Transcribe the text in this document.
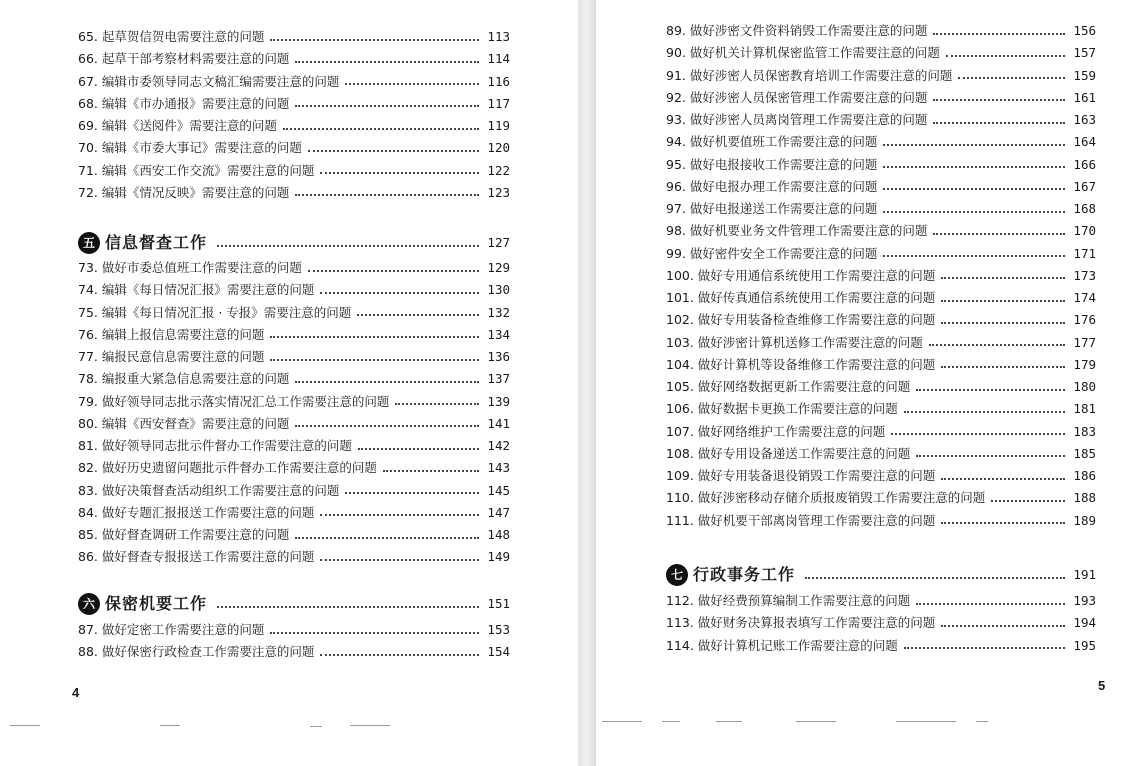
65. 起草贺信贺电需要注意的问题	113
66. 起草干部考察材料需要注意的问题	114
67. 编辑市委领导同志文稿汇编需要注意的问题	116
68. 编辑《市办通报》需要注意的问题	117
69. 编辑《送阅件》需要注意的问题	119
70. 编辑《市委大事记》需要注意的问题	120
71. 编辑《西安工作交流》需要注意的问题	122
72. 编辑《情况反映》需要注意的问题	123
五 信息督查工作	127
73. 做好市委总值班工作需要注意的问题	129
74. 编辑《每日情况汇报》需要注意的问题	130
75. 编辑《每日情况汇报 · 专报》需要注意的问题	132
76. 编辑上报信息需要注意的问题	134
77. 编报民意信息需要注意的问题	136
78. 编报重大紧急信息需要注意的问题	137
79. 做好领导同志批示落实情况汇总工作需要注意的问题	139
80. 编辑《西安督查》需要注意的问题	141
81. 做好领导同志批示件督办工作需要注意的问题	142
82. 做好历史遗留问题批示件督办工作需要注意的问题	143
83. 做好决策督查活动组织工作需要注意的问题	145
84. 做好专题汇报报送工作需要注意的问题	147
85. 做好督查调研工作需要注意的问题	148
86. 做好督查专报报送工作需要注意的问题	149
六 保密机要工作	151
87. 做好定密工作需要注意的问题	153
88. 做好保密行政检查工作需要注意的问题	154
4
89. 做好涉密文件资料销毁工作需要注意的问题	156
90. 做好机关计算机保密监管工作需要注意的问题	157
91. 做好涉密人员保密教育培训工作需要注意的问题	159
92. 做好涉密人员保密管理工作需要注意的问题	161
93. 做好涉密人员离岗管理工作需要注意的问题	163
94. 做好机要值班工作需要注意的问题	164
95. 做好电报接收工作需要注意的问题	166
96. 做好电报办理工作需要注意的问题	167
97. 做好电报递送工作需要注意的问题	168
98. 做好机要业务文件管理工作需要注意的问题	170
99. 做好密件安全工作需要注意的问题	171
100. 做好专用通信系统使用工作需要注意的问题	173
101. 做好传真通信系统使用工作需要注意的问题	174
102. 做好专用装备检查维修工作需要注意的问题	176
103. 做好涉密计算机送修工作需要注意的问题	177
104. 做好计算机等设备维修工作需要注意的问题	179
105. 做好网络数据更新工作需要注意的问题	180
106. 做好数据卡更换工作需要注意的问题	181
107. 做好网络维护工作需要注意的问题	183
108. 做好专用设备递送工作需要注意的问题	185
109. 做好专用装备退役销毁工作需要注意的问题	186
110. 做好涉密移动存储介质报废销毁工作需要注意的问题	188
111. 做好机要干部离岗管理工作需要注意的问题	189
七 行政事务工作	191
112. 做好经费预算编制工作需要注意的问题	193
113. 做好财务决算报表填写工作需要注意的问题	194
114. 做好计算机记账工作需要注意的问题	195
5
